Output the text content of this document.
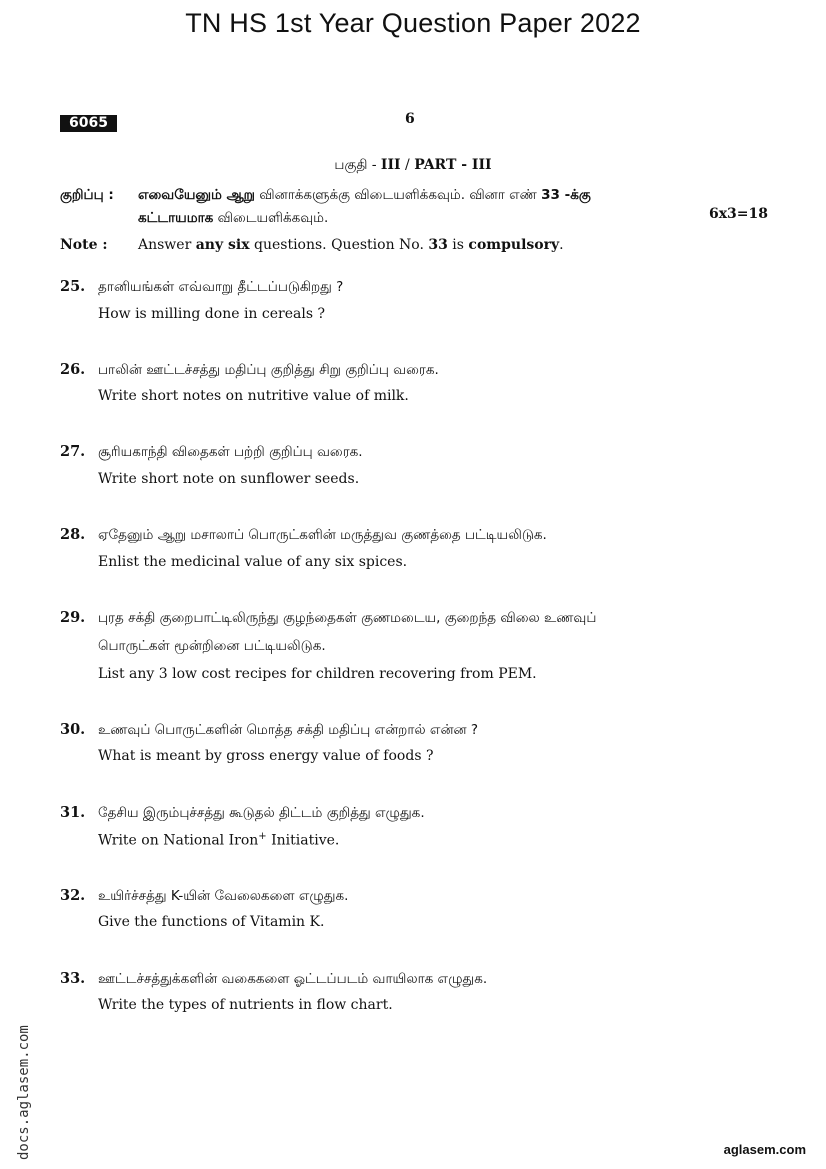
TN HS 1st Year Question Paper 2022
6065	6
பகுதி - III / PART - III
குறிப்பு : எவையேனும் ஆறு வினாக்களுக்கு விடையளிக்கவும். வினா எண் 33 -க்கு
கட்டாயமாக விடையளிக்கவும்.	6x3=18
Note : Answer any six questions. Question No. 33 is compulsory.
25. தானியங்கள் எவ்வாறு தீட்டப்படுகிறது ?
How is milling done in cereals ?
26. பாலின் ஊட்டச்சத்து மதிப்பு குறித்து சிறு குறிப்பு வரைக.
Write short notes on nutritive value of milk.
27. சூரியகாந்தி விதைகள் பற்றி குறிப்பு வரைக.
Write short note on sunflower seeds.
28. ஏதேனும் ஆறு மசாலாப் பொருட்களின் மருத்துவ குணத்தை பட்டியலிடுக.
Enlist the medicinal value of any six spices.
29. புரத சக்தி குறைபாட்டிலிருந்து குழந்தைகள் குணமடைய, குறைந்த விலை உணவுப்
பொருட்கள் மூன்றினை பட்டியலிடுக.
List any 3 low cost recipes for children recovering from PEM.
30. உணவுப் பொருட்களின் மொத்த சக்தி மதிப்பு என்றால் என்ன ?
What is meant by gross energy value of foods ?
31. தேசிய இரும்புச்சத்து கூடுதல் திட்டம் குறித்து எழுதுக.
Write on National Iron+ Initiative.
32. உயிர்ச்சத்து K-யின் வேலைகளை எழுதுக.
Give the functions of Vitamin K.
33. ஊட்டச்சத்துக்களின் வகைகளை ஓட்டப்படம் வாயிலாக எழுதுக.
Write the types of nutrients in flow chart.
docs.aglasem.com	aglasem.com
